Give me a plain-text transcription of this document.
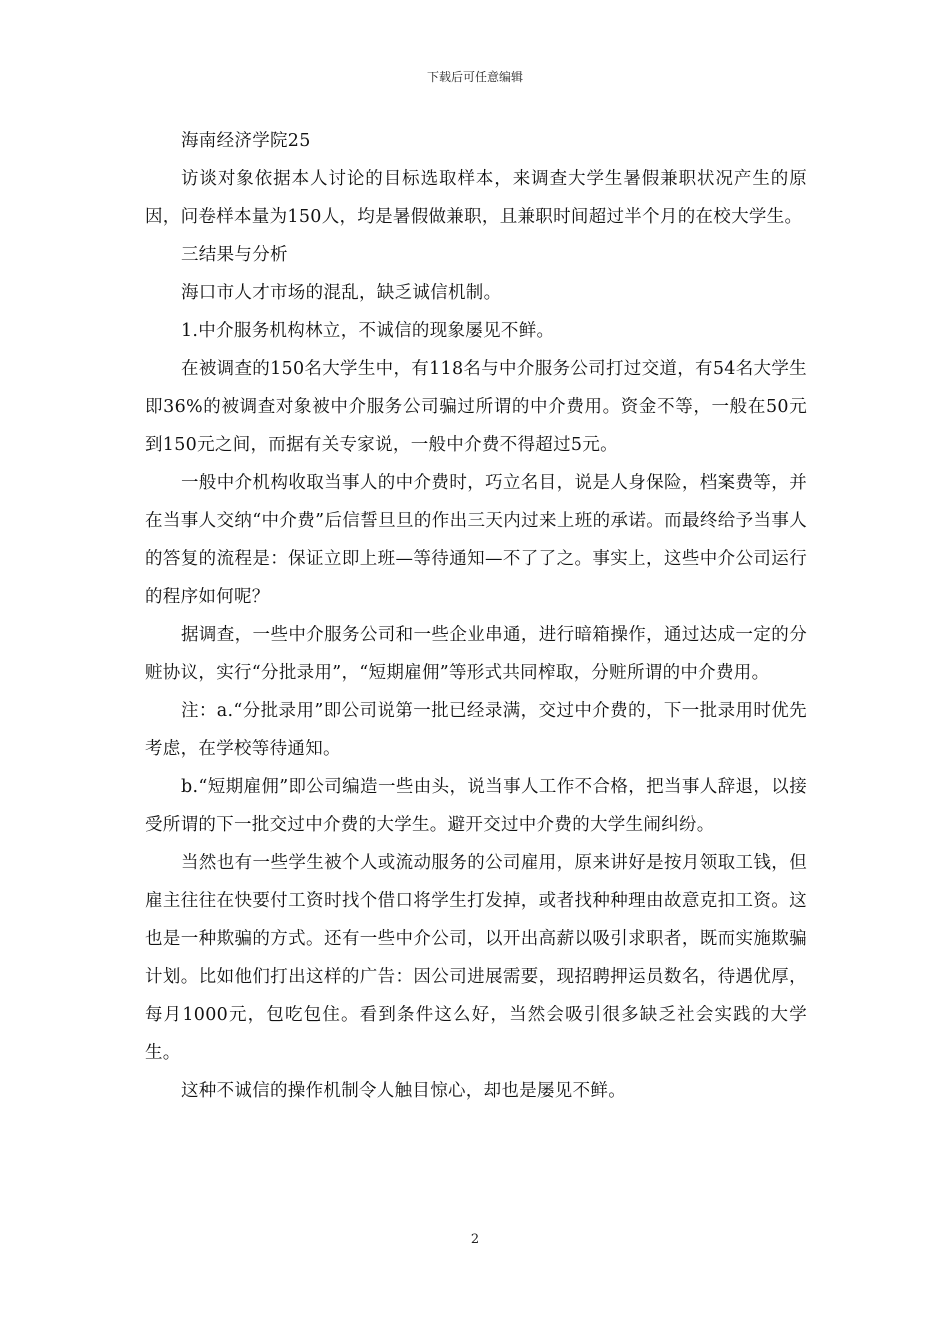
下载后可任意编辑

海南经济学院25

访谈对象依据本人讨论的目标选取样本，来调查大学生暑假兼职状况产生的原因，问卷样本量为150人，均是暑假做兼职，且兼职时间超过半个月的在校大学生。

三结果与分析

海口市人才市场的混乱，缺乏诚信机制。

1.中介服务机构林立，不诚信的现象屡见不鲜。

在被调查的150名大学生中，有118名与中介服务公司打过交道，有54名大学生即36%的被调查对象被中介服务公司骗过所谓的中介费用。资金不等，一般在50元到150元之间，而据有关专家说，一般中介费不得超过5元。

一般中介机构收取当事人的中介费时，巧立名目，说是人身保险，档案费等，并在当事人交纳“中介费”后信誓旦旦的作出三天内过来上班的承诺。而最终给予当事人的答复的流程是：保证立即上班—等待通知—不了了之。事实上，这些中介公司运行的程序如何呢？

据调查，一些中介服务公司和一些企业串通，进行暗箱操作，通过达成一定的分赃协议，实行“分批录用”，“短期雇佣”等形式共同榨取，分赃所谓的中介费用。

注：a.“分批录用”即公司说第一批已经录满，交过中介费的，下一批录用时优先考虑，在学校等待通知。

b.“短期雇佣”即公司编造一些由头，说当事人工作不合格，把当事人辞退，以接受所谓的下一批交过中介费的大学生。避开交过中介费的大学生闹纠纷。

当然也有一些学生被个人或流动服务的公司雇用，原来讲好是按月领取工钱，但雇主往往在快要付工资时找个借口将学生打发掉，或者找种种理由故意克扣工资。这也是一种欺骗的方式。还有一些中介公司，以开出高薪以吸引求职者，既而实施欺骗计划。比如他们打出这样的广告：因公司进展需要，现招聘押运员数名，待遇优厚，每月1000元，包吃包住。看到条件这么好，当然会吸引很多缺乏社会实践的大学生。

这种不诚信的操作机制令人触目惊心，却也是屡见不鲜。

2
